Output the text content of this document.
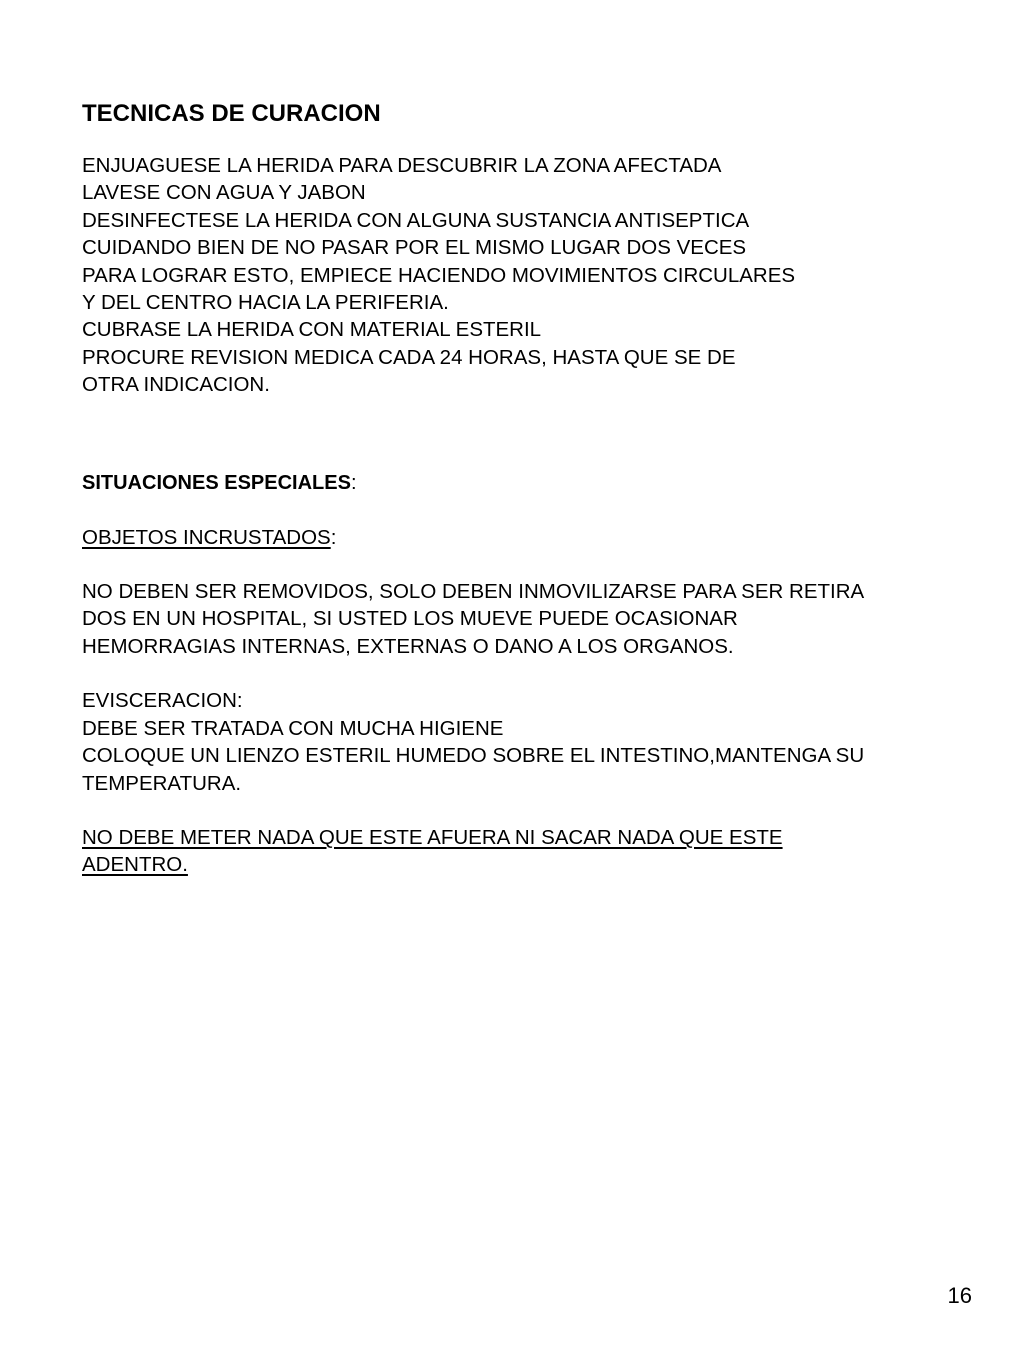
TECNICAS DE CURACION
ENJUAGUESE LA HERIDA PARA DESCUBRIR LA ZONA AFECTADA
LAVESE CON AGUA Y JABON
DESINFECTESE LA HERIDA CON ALGUNA SUSTANCIA ANTISEPTICA
CUIDANDO BIEN DE NO PASAR POR EL MISMO LUGAR DOS VECES
PARA LOGRAR ESTO, EMPIECE HACIENDO MOVIMIENTOS CIRCULARES
Y DEL CENTRO HACIA LA PERIFERIA.
CUBRASE LA HERIDA CON MATERIAL ESTERIL
PROCURE REVISION MEDICA CADA 24 HORAS, HASTA QUE SE DE
OTRA INDICACION.
SITUACIONES ESPECIALES:
OBJETOS INCRUSTADOS:
NO DEBEN SER REMOVIDOS, SOLO DEBEN INMOVILIZARSE PARA SER RETIRA
DOS EN UN HOSPITAL, SI USTED LOS MUEVE PUEDE OCASIONAR
HEMORRAGIAS INTERNAS, EXTERNAS O DANO A LOS ORGANOS.
EVISCERACION:
DEBE SER TRATADA CON MUCHA HIGIENE
COLOQUE UN LIENZO ESTERIL HUMEDO SOBRE EL INTESTINO,MANTENGA SU
TEMPERATURA.
NO DEBE METER NADA QUE ESTE AFUERA NI SACAR NADA QUE ESTE
ADENTRO.
16
